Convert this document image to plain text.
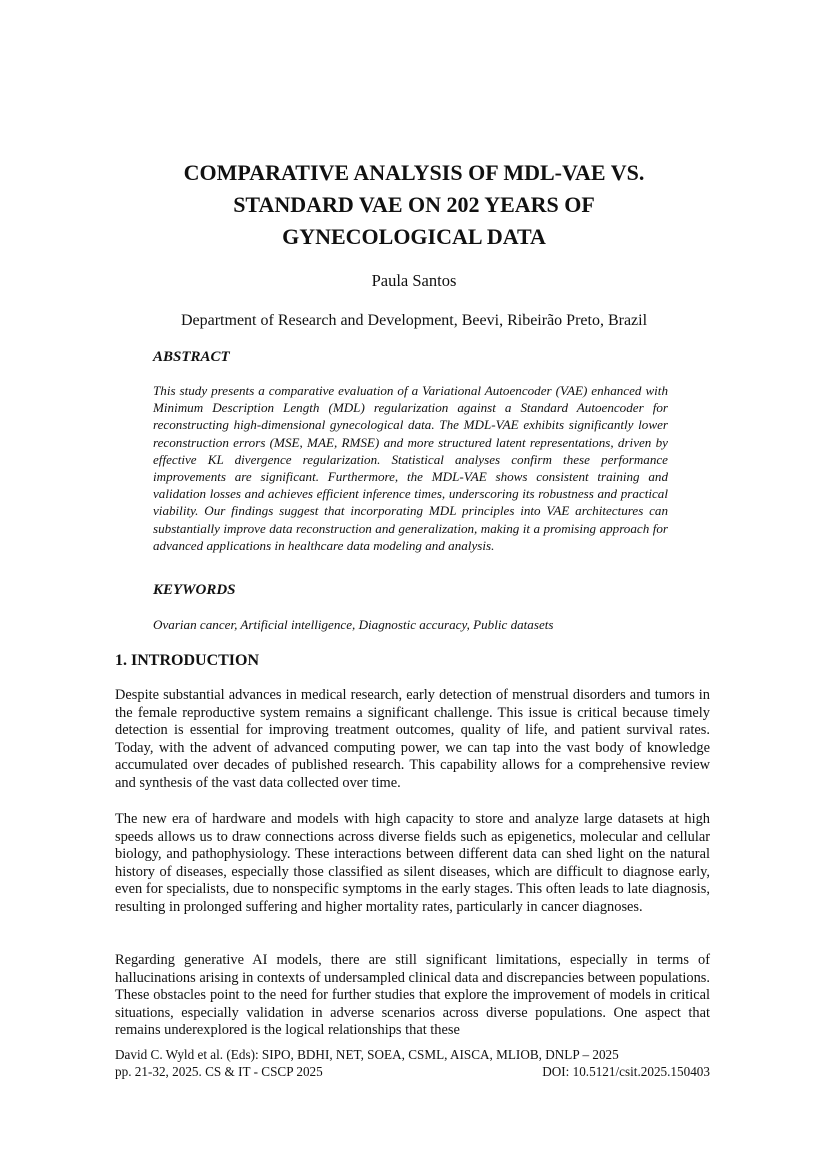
COMPARATIVE ANALYSIS OF MDL-VAE VS.
STANDARD VAE ON 202 YEARS OF
GYNECOLOGICAL DATA
Paula Santos
Department of Research and Development, Beevi, Ribeirão Preto, Brazil
ABSTRACT

This study presents a comparative evaluation of a Variational Autoencoder (VAE) enhanced with Minimum Description Length (MDL) regularization against a Standard Autoencoder for reconstructing high-dimensional gynecological data. The MDL-VAE exhibits significantly lower reconstruction errors (MSE, MAE, RMSE) and more structured latent representations, driven by effective KL divergence regularization. Statistical analyses confirm these performance improvements are significant. Furthermore, the MDL-VAE shows consistent training and validation losses and achieves efficient inference times, underscoring its robustness and practical viability. Our findings suggest that incorporating MDL principles into VAE architectures can substantially improve data reconstruction and generalization, making it a promising approach for advanced applications in healthcare data modeling and analysis.

KEYWORDS

Ovarian cancer, Artificial intelligence, Diagnostic accuracy, Public datasets

1. INTRODUCTION

Despite substantial advances in medical research, early detection of menstrual disorders and tumors in the female reproductive system remains a significant challenge. This issue is critical because timely detection is essential for improving treatment outcomes, quality of life, and patient survival rates. Today, with the advent of advanced computing power, we can tap into the vast body of knowledge accumulated over decades of published research. This capability allows for a comprehensive review and synthesis of the vast data collected over time.

The new era of hardware and models with high capacity to store and analyze large datasets at high speeds allows us to draw connections across diverse fields such as epigenetics, molecular and cellular biology, and pathophysiology. These interactions between different data can shed light on the natural history of diseases, especially those classified as silent diseases, which are difficult to diagnose early, even for specialists, due to nonspecific symptoms in the early stages. This often leads to late diagnosis, resulting in prolonged suffering and higher mortality rates, particularly in cancer diagnoses.

Regarding generative AI models, there are still significant limitations, especially in terms of hallucinations arising in contexts of undersampled clinical data and discrepancies between populations. These obstacles point to the need for further studies that explore the improvement of models in critical situations, especially validation in adverse scenarios across diverse populations. One aspect that remains underexplored is the logical relationships that these

David C. Wyld et al. (Eds): SIPO, BDHI, NET, SOEA, CSML, AISCA, MLIOB, DNLP – 2025
pp. 21-32, 2025. CS & IT - CSCP 2025	DOI: 10.5121/csit.2025.150403
